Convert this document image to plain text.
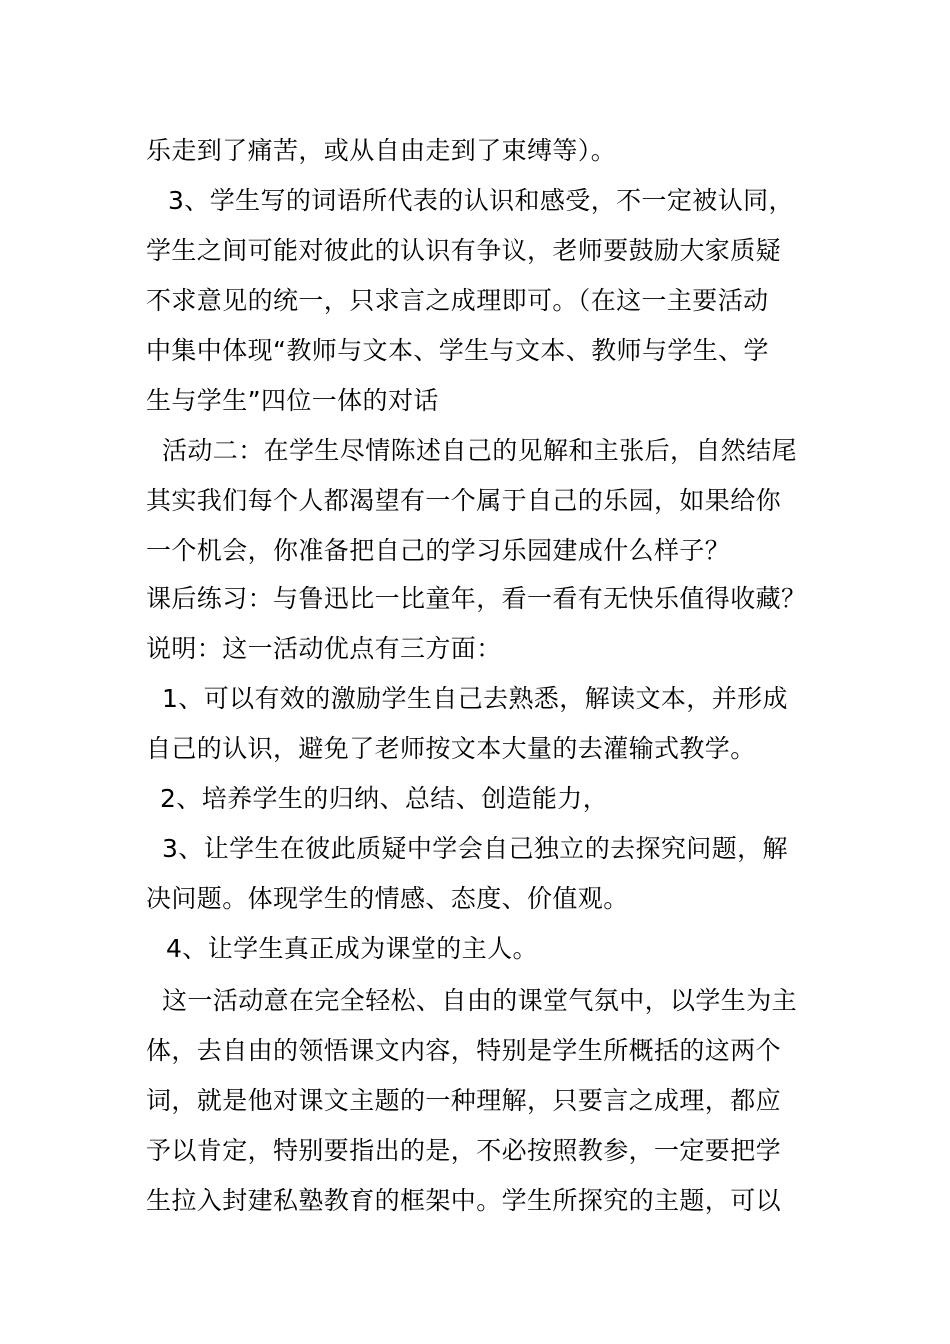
乐走到了痛苦，或从自由走到了束缚等）。
3、学生写的词语所代表的认识和感受，不一定被认同，
学生之间可能对彼此的认识有争议，老师要鼓励大家质疑
不求意见的统一，只求言之成理即可。（在这一主要活动
中集中体现“教师与文本、学生与文本、教师与学生、学
生与学生”四位一体的对话
活动二：在学生尽情陈述自己的见解和主张后，自然结尾
其实我们每个人都渴望有一个属于自己的乐园，如果给你
一个机会，你准备把自己的学习乐园建成什么样子？
课后练习：与鲁迅比一比童年，看一看有无快乐值得收藏？
说明：这一活动优点有三方面：
1、可以有效的激励学生自己去熟悉，解读文本，并形成
自己的认识，避免了老师按文本大量的去灌输式教学。
2、培养学生的归纳、总结、创造能力，
3、让学生在彼此质疑中学会自己独立的去探究问题，解
决问题。体现学生的情感、态度、价值观。
4、让学生真正成为课堂的主人。
这一活动意在完全轻松、自由的课堂气氛中，以学生为主
体，去自由的领悟课文内容，特别是学生所概括的这两个
词，就是他对课文主题的一种理解，只要言之成理，都应
予以肯定，特别要指出的是，不必按照教参，一定要把学
生拉入封建私塾教育的框架中。学生所探究的主题，可以
